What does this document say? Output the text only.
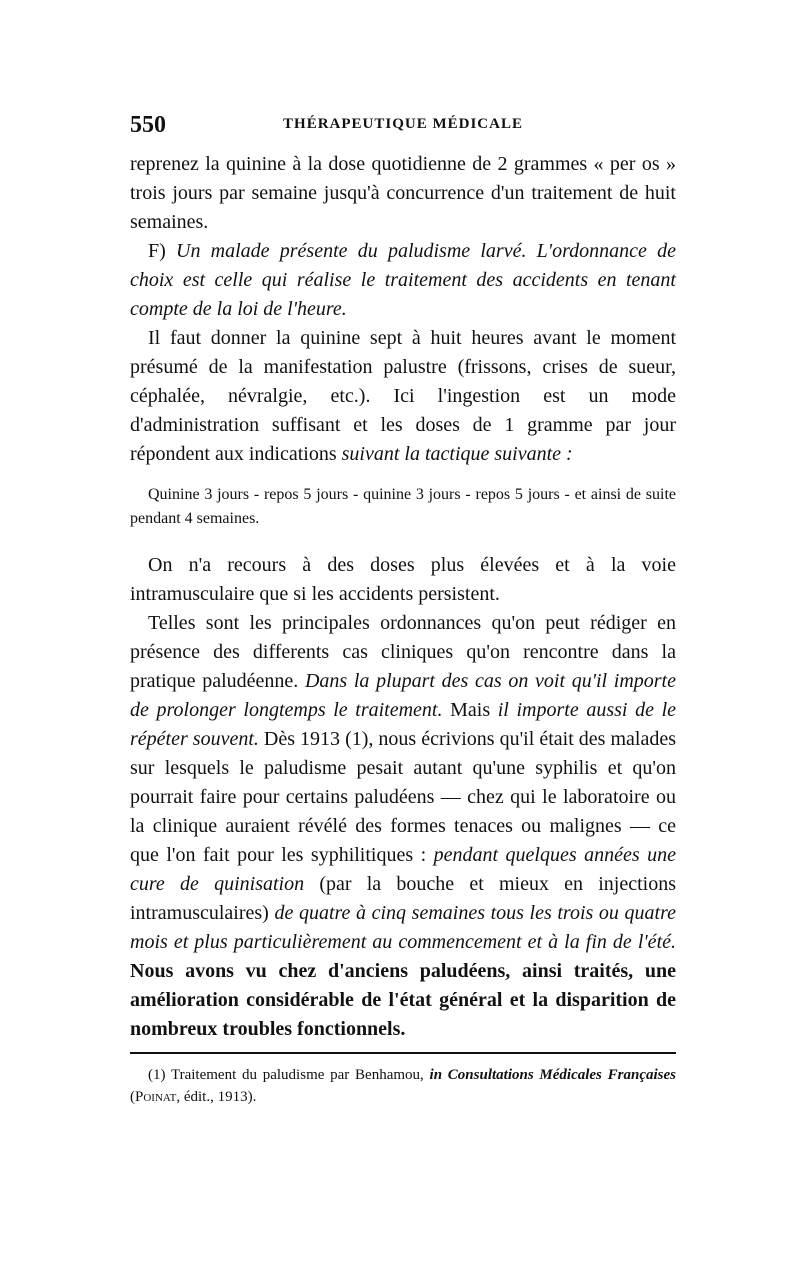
550	THÉRAPEUTIQUE MÉDICALE

reprenez la quinine à la dose quotidienne de 2 grammes « per os » trois jours par semaine jusqu'à concurrence d'un traitement de huit semaines.

F) Un malade présente du paludisme larvé. L'ordonnance de choix est celle qui réalise le traitement des accidents en tenant compte de la loi de l'heure.

Il faut donner la quinine sept à huit heures avant le moment présumé de la manifestation palustre (frissons, crises de sueur, céphalée, névralgie, etc.). Ici l'ingestion est un mode d'administration suffisant et les doses de 1 gramme par jour répondent aux indications suivant la tactique suivante :

Quinine 3 jours - repos 5 jours - quinine 3 jours - repos 5 jours - et ainsi de suite pendant 4 semaines.

On n'a recours à des doses plus élevées et à la voie intramusculaire que si les accidents persistent.

Telles sont les principales ordonnances qu'on peut rédiger en présence des differents cas cliniques qu'on rencontre dans la pratique paludéenne. Dans la plupart des cas on voit qu'il importe de prolonger longtemps le traitement. Mais il importe aussi de le répéter souvent. Dès 1913 (1), nous écrivions qu'il était des malades sur lesquels le paludisme pesait autant qu'une syphilis et qu'on pourrait faire pour certains paludéens — chez qui le laboratoire ou la clinique auraient révélé des formes tenaces ou malignes — ce que l'on fait pour les syphilitiques : pendant quelques années une cure de quinisation (par la bouche et mieux en injections intramusculaires) de quatre à cinq semaines tous les trois ou quatre mois et plus particulièrement au commencement et à la fin de l'été. Nous avons vu chez d'anciens paludéens, ainsi traités, une amélioration considérable de l'état général et la disparition de nombreux troubles fonctionnels.

(1) Traitement du paludisme par Benhamou, in Consultations Médicales Françaises (Poinat, édit., 1913).
